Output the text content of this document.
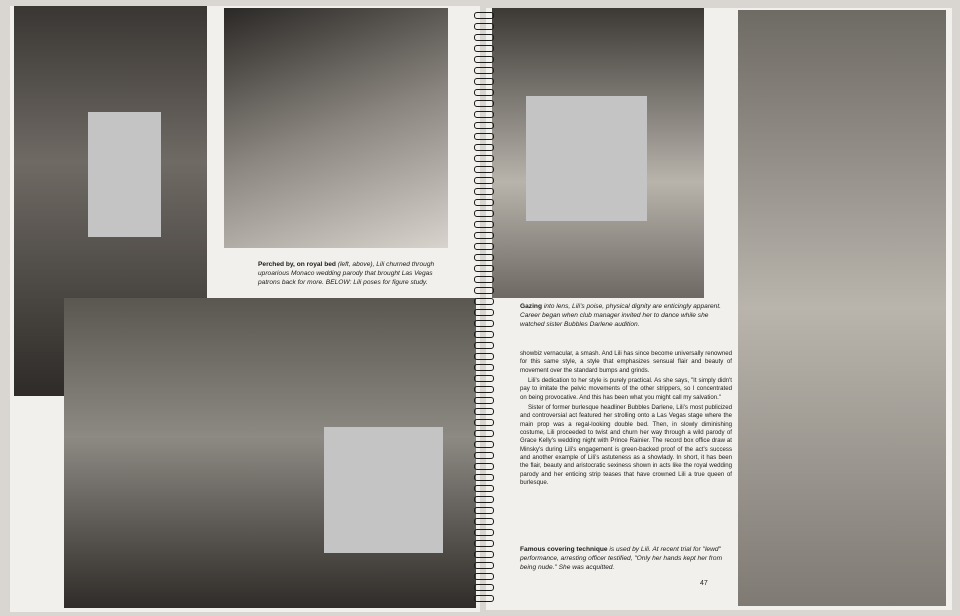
Perched by, on royal bed (left, above), Lili churned through uproarious Monaco wedding parody that brought Las Vegas patrons back for more. BELOW: Lili poses for figure study.
Gazing into lens, Lili's poise, physical dignity are enticingly apparent. Career began when club manager invited her to dance while she watched sister Bubbles Darlene audition.

showbiz vernacular, a smash. And Lili has since become universally renowned for this same style, a style that emphasizes sensual flair and beauty of movement over the standard bumps and grinds.

Lili's dedication to her style is purely practical. As she says, "It simply didn't pay to imitate the pelvic movements of the other strippers, so I concentrated on being provocative. And this has been what you might call my salvation."

Sister of former burlesque headliner Bubbles Darlene, Lili's most publicized and controversial act featured her strolling onto a Las Vegas stage where the main prop was a regal-looking double bed. Then, in slowly diminishing costume, Lili proceeded to twist and churn her way through a wild parody of Grace Kelly's wedding night with Prince Rainier. The record box office draw at Minsky's during Lili's engagement is green-backed proof of the act's success and another example of Lili's astuteness as a showlady. In short, it has been the flair, beauty and aristocratic sexiness shown in acts like the royal wedding parody and her enticing strip teases that have crowned Lili a true queen of burlesque.

Famous covering technique is used by Lili. At recent trial for "lewd" performance, arresting officer testified, "Only her hands kept her from being nude." She was acquitted.
47
